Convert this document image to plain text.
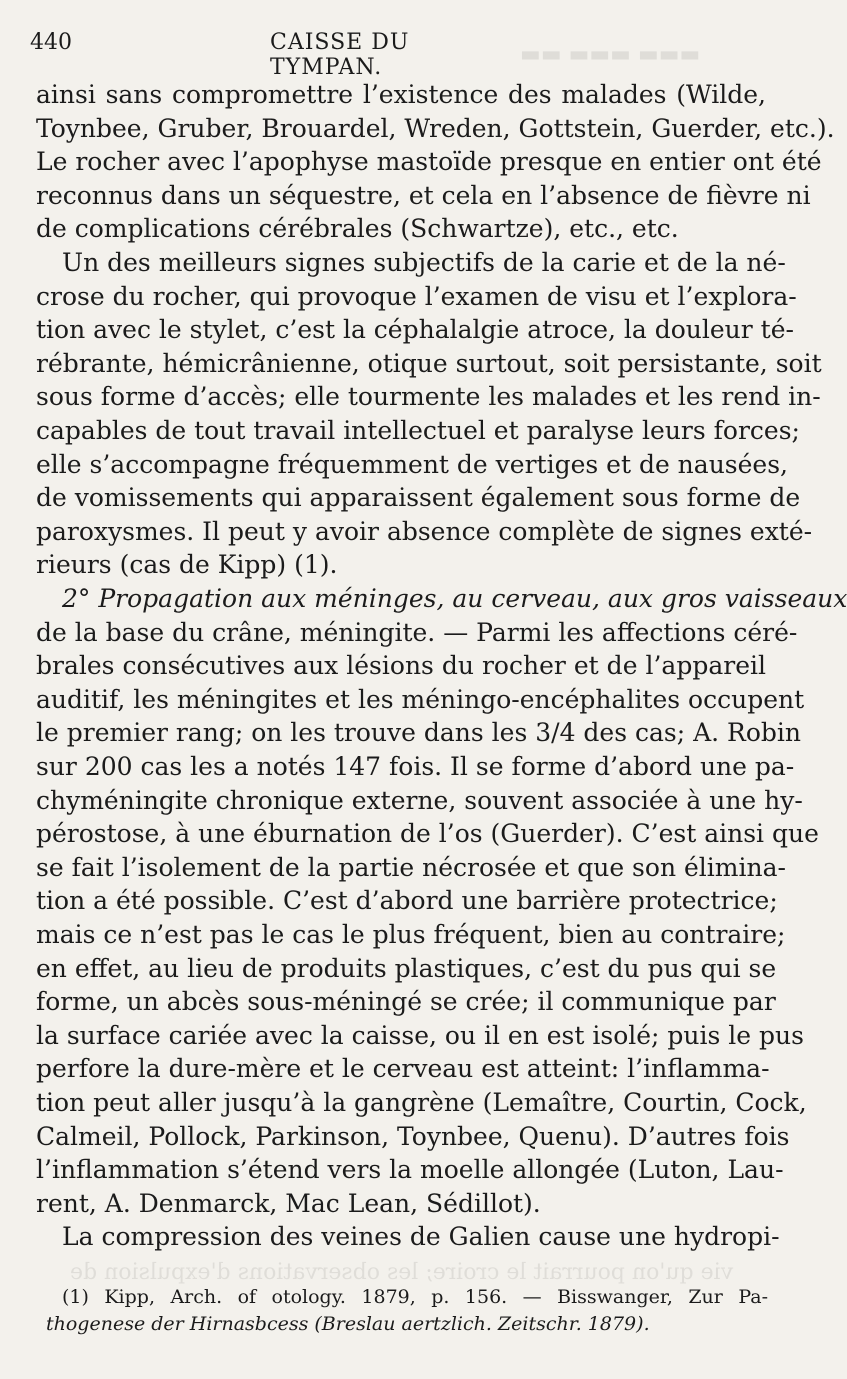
440	CAISSE DU TYMPAN.
▬▬▬ ▬▬▬ ▬▬
ainsi sans compromettre l’existence des malades (Wilde,
Toynbee, Gruber, Brouardel, Wreden, Gottstein, Guerder, etc.).
Le rocher avec l’apophyse mastoïde presque en entier ont été
reconnus dans un séquestre, et cela en l’absence de fièvre ni
de complications cérébrales (Schwartze), etc., etc.
Un des meilleurs signes subjectifs de la carie et de la né-
crose du rocher, qui provoque l’examen de visu et l’explora-
tion avec le stylet, c’est la céphalalgie atroce, la douleur té-
rébrante, hémicrânienne, otique surtout, soit persistante, soit
sous forme d’accès; elle tourmente les malades et les rend in-
capables de tout travail intellectuel et paralyse leurs forces;
elle s’accompagne fréquemment de vertiges et de nausées,
de vomissements qui apparaissent également sous forme de
paroxysmes. Il peut y avoir absence complète de signes exté-
rieurs (cas de Kipp) (1).
2° Propagation aux méninges, au cerveau, aux gros vaisseaux
de la base du crâne, méningite. — Parmi les affections céré-
brales consécutives aux lésions du rocher et de l’appareil
auditif, les méningites et les méningo-encéphalites occupent
le premier rang; on les trouve dans les 3/4 des cas; A. Robin
sur 200 cas les a notés 147 fois. Il se forme d’abord une pa-
chyméningite chronique externe, souvent associée à une hy-
pérostose, à une éburnation de l’os (Guerder). C’est ainsi que
se fait l’isolement de la partie nécrosée et que son élimina-
tion a été possible. C’est d’abord une barrière protectrice;
mais ce n’est pas le cas le plus fréquent, bien au contraire;
en effet, au lieu de produits plastiques, c’est du pus qui se
forme, un abcès sous-méningé se crée; il communique par
la surface cariée avec la caisse, ou il en est isolé; puis le pus
perfore la dure-mère et le cerveau est atteint: l’inflamma-
tion peut aller jusqu’à la gangrène (Lemaître, Courtin, Cock,
Calmeil, Pollock, Parkinson, Toynbee, Quenu). D’autres fois
l’inflammation s’étend vers la moelle allongée (Luton, Lau-
rent, A. Denmarck, Mac Lean, Sédillot).
La compression des veines de Galien cause une hydropi-
vie qu'on pourrait le croire; les observations d'expulsion de
(1) Kipp, Arch. of otology. 1879, p. 156. — Bisswanger, Zur Pa-
thogenese der Hirnasbcess (Breslau aertzlich. Zeitschr. 1879).
